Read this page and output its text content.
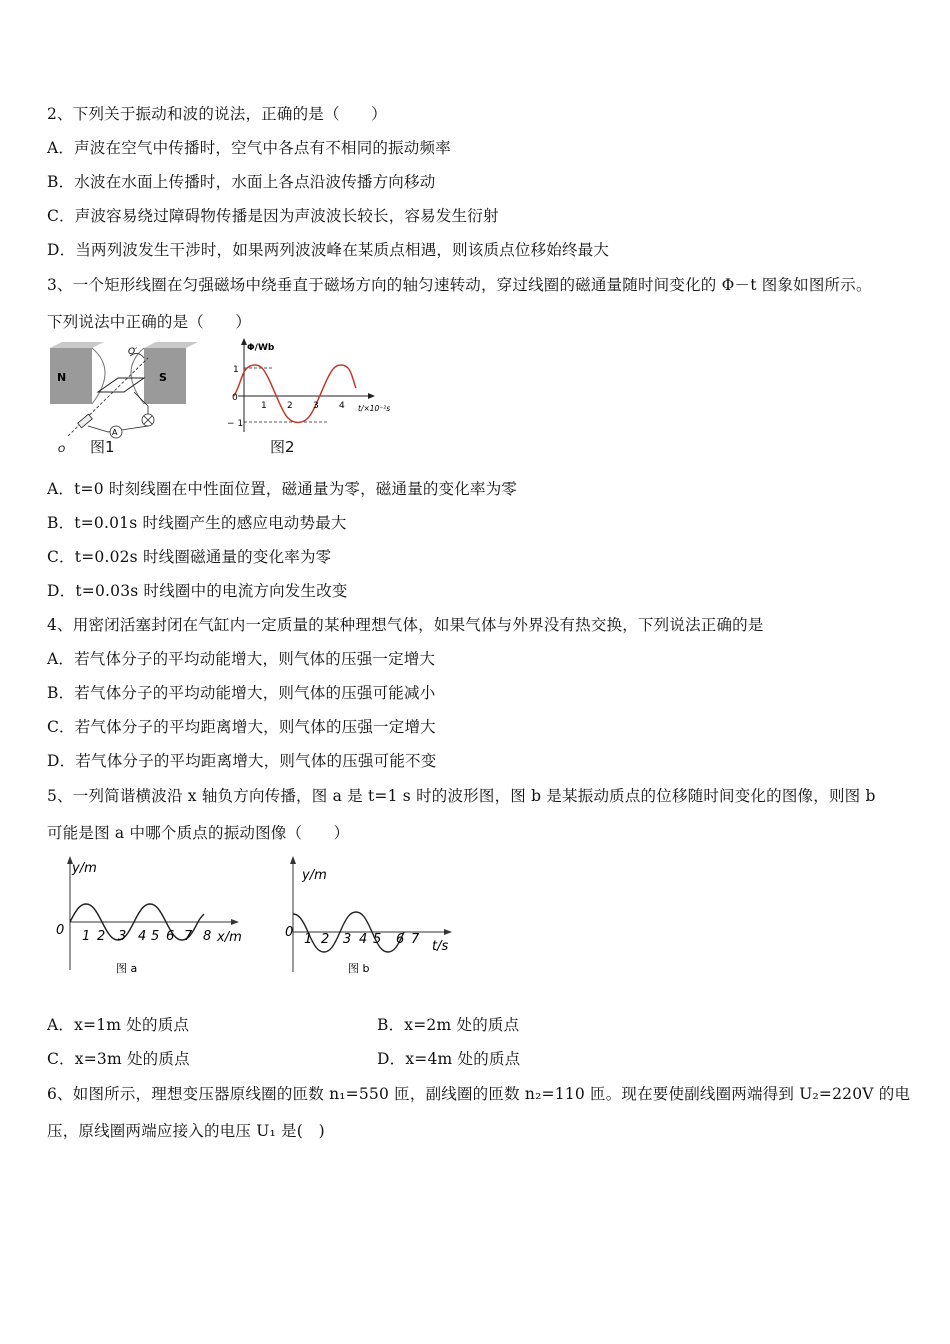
2、下列关于振动和波的说法，正确的是（　　）
A．声波在空气中传播时，空气中各点有不相同的振动频率
B．水波在水面上传播时，水面上各点沿波传播方向移动
C．声波容易绕过障碍物传播是因为声波波长较长，容易发生衍射
D．当两列波发生干涉时，如果两列波波峰在某质点相遇，则该质点位移始终最大
3、一个矩形线圈在匀强磁场中绕垂直于磁场方向的轴匀速转动，穿过线圈的磁通量随时间变化的 Φ－t 图象如图所示。
下列说法中正确的是（　　）
N	S
O′
O
A
图1
Φ/Wb
1
− 1
0
1 2 3 4 t/×10⁻²s
图2
A．t=0 时刻线圈在中性面位置，磁通量为零，磁通量的变化率为零
B．t=0.01s 时线圈产生的感应电动势最大
C．t=0.02s 时线圈磁通量的变化率为零
D．t=0.03s 时线圈中的电流方向发生改变
4、用密闭活塞封闭在气缸内一定质量的某种理想气体，如果气体与外界没有热交换，下列说法正确的是
A．若气体分子的平均动能增大，则气体的压强一定增大
B．若气体分子的平均动能增大，则气体的压强可能减小
C．若气体分子的平均距离增大，则气体的压强一定增大
D．若气体分子的平均距离增大，则气体的压强可能不变
5、一列简谐横波沿 x 轴负方向传播，图 a 是 t=1 s 时的波形图，图 b 是某振动质点的位移随时间变化的图像，则图 b
可能是图 a 中哪个质点的振动图像（　　）
y/m
0 1 2 3 4 5 6 7 8 x/m
图 a
y/m
0 1 2 3 4 5 6 7 t/s
图 b
A．x=1m 处的质点	B．x=2m 处的质点
C．x=3m 处的质点	D．x=4m 处的质点
6、如图所示，理想变压器原线圈的匝数 n₁=550 匝，副线圈的匝数 n₂=110 匝。现在要使副线圈两端得到 U₂=220V 的电
压，原线圈两端应接入的电压 U₁ 是(　)
